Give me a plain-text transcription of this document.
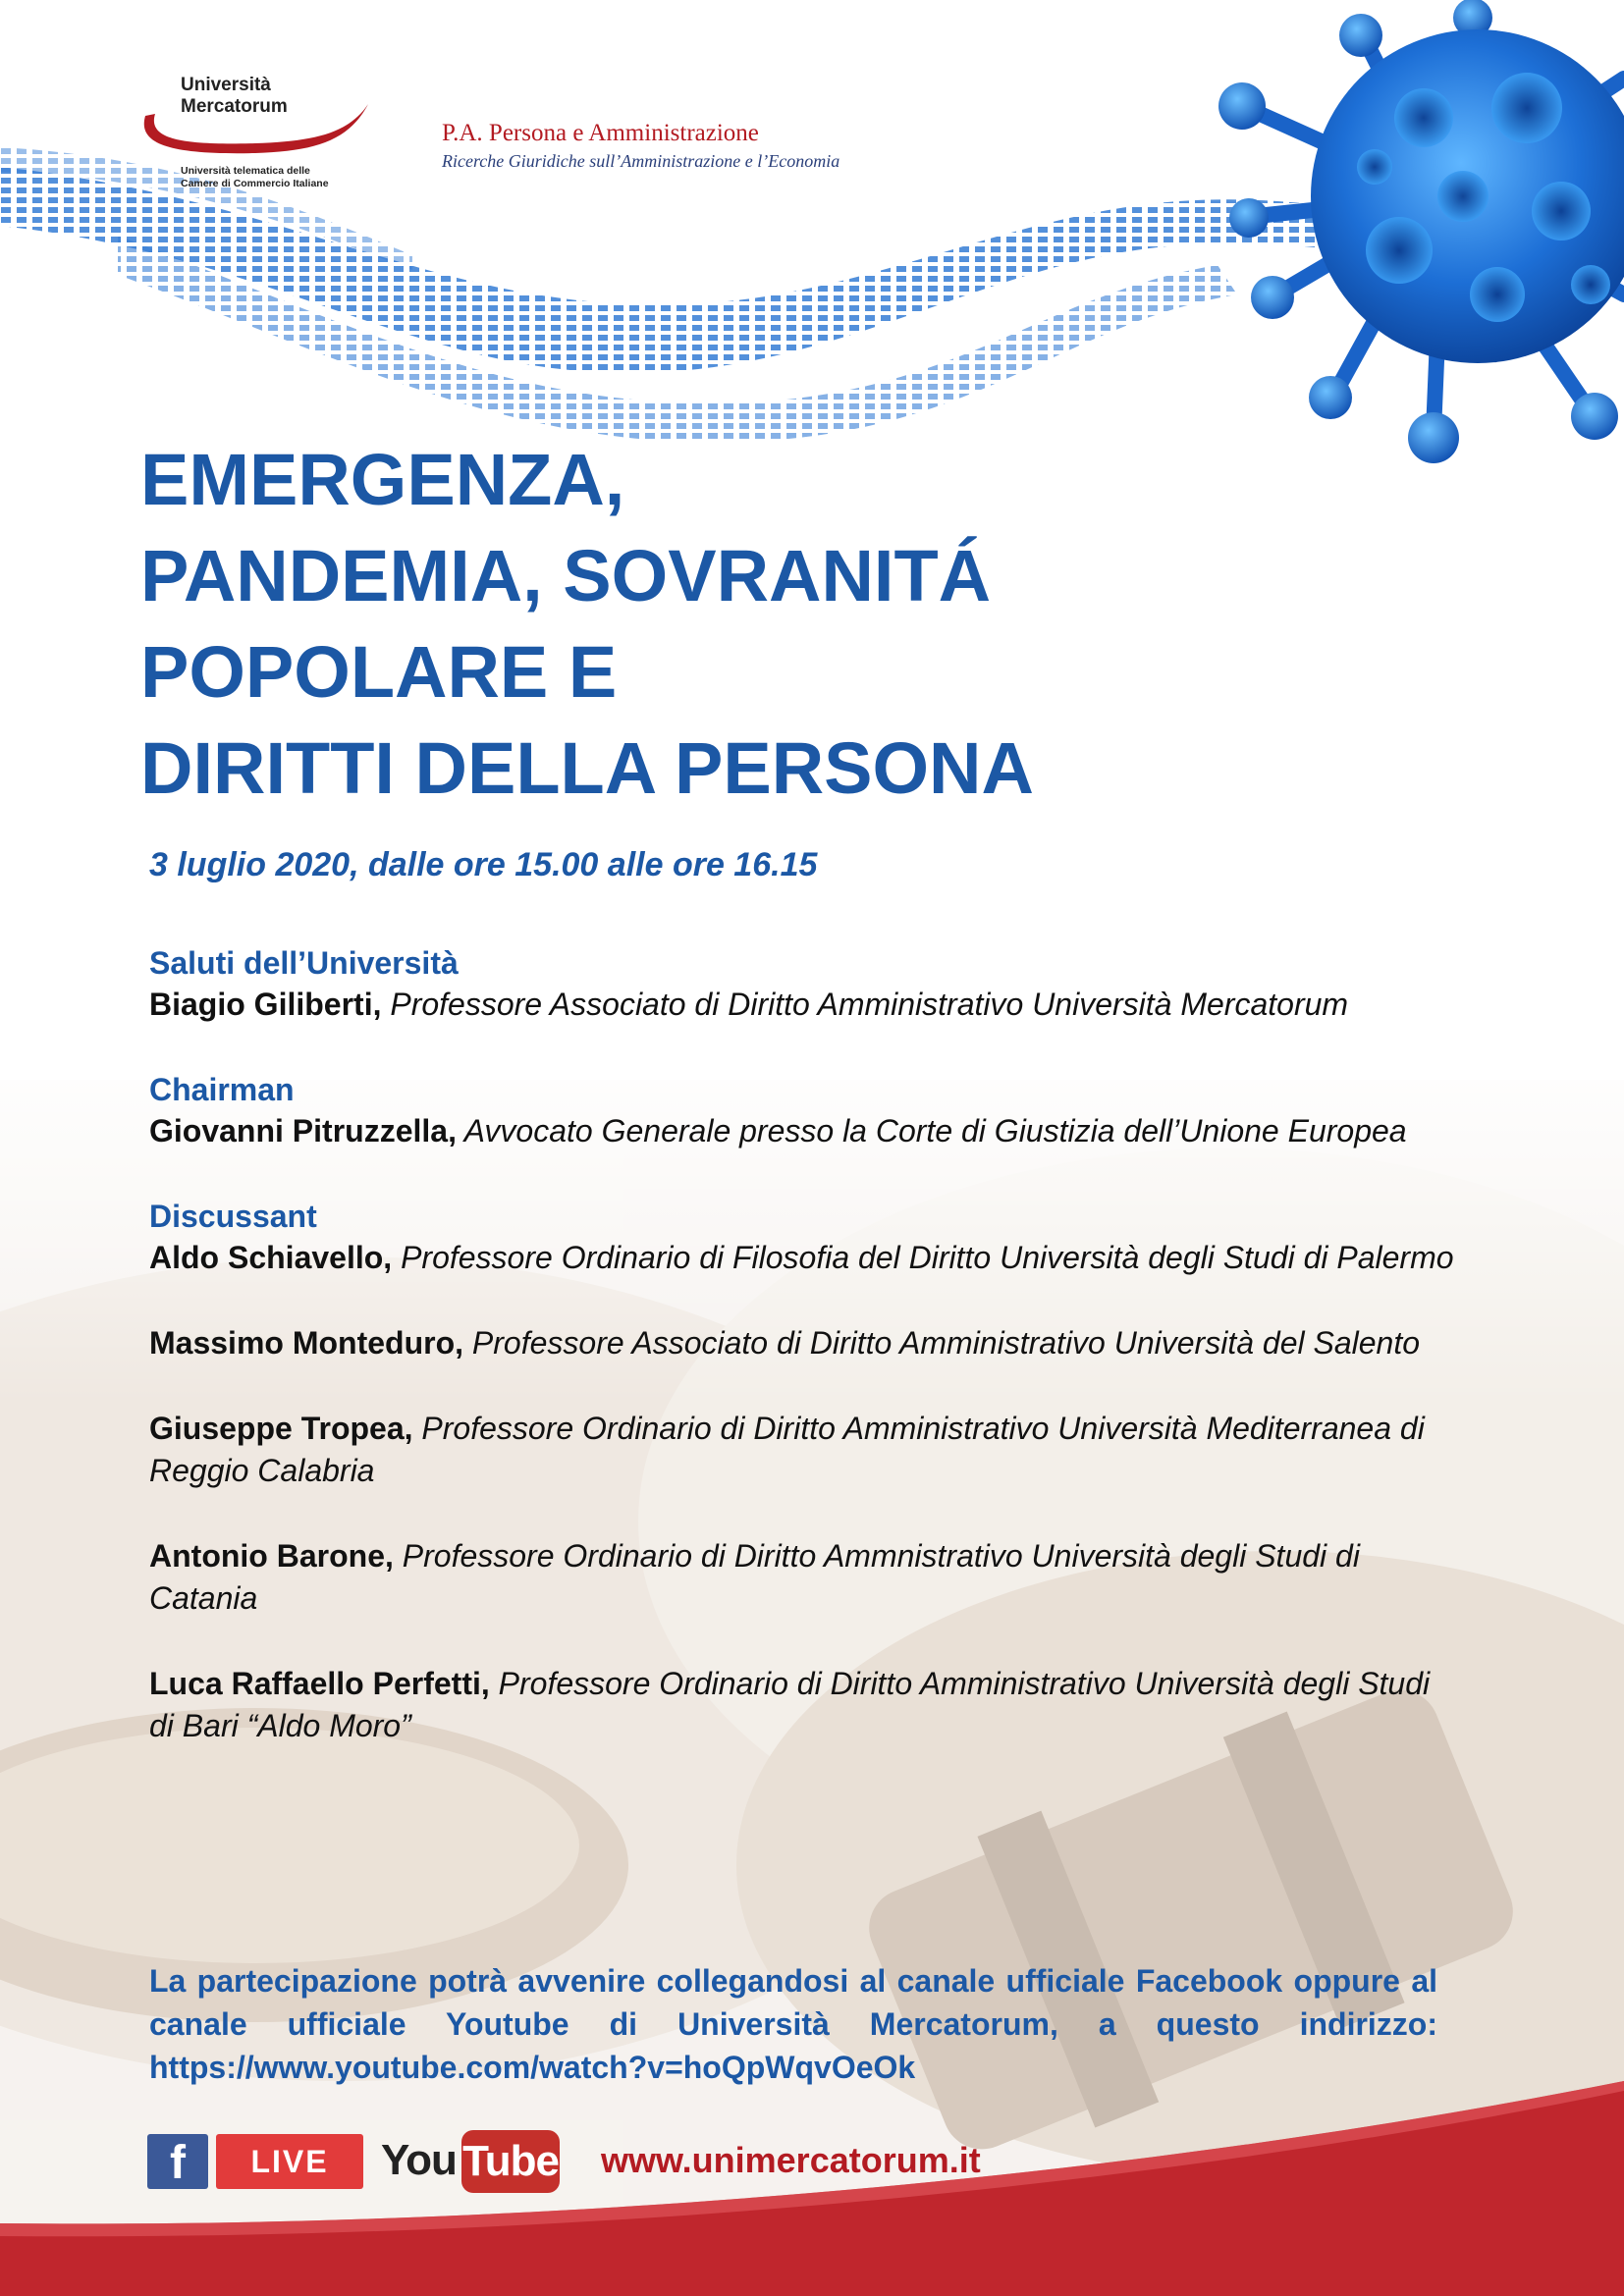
Università
Mercatorum
Università telematica delle
Camere di Commercio Italiane
P.A. Persona e Amministrazione
Ricerche Giuridiche sull’Amministrazione e l’Economia
EMERGENZA,
PANDEMIA, SOVRANITÁ
POPOLARE E
DIRITTI DELLA PERSONA
3 luglio 2020, dalle ore 15.00 alle ore 16.15
Saluti dell’Università

Biagio Giliberti, Professore Associato di Diritto Amministrativo Università Mercatorum

Chairman

Giovanni Pitruzzella, Avvocato Generale presso la Corte di Giustizia dell’Unione Europea

Discussant

Aldo Schiavello, Professore Ordinario di Filosofia del Diritto Università degli Studi di Palermo

Massimo Monteduro, Professore Associato di Diritto Amministrativo Università del Salento

Giuseppe Tropea, Professore Ordinario di Diritto Amministrativo Università Mediterranea di Reggio Calabria

Antonio Barone, Professore Ordinario di Diritto Ammnistrativo Università degli Studi di Catania

Luca Raffaello Perfetti, Professore Ordinario di Diritto Amministrativo Università degli Studi di Bari “Aldo Moro”

La partecipazione potrà avvenire collegandosi al canale ufficiale Facebook oppure al canale ufficiale Youtube di Università Mercatorum, a questo indirizzo: https://www.youtube.com/watch?v=hoQpWqvOeOk

f	LIVE	You Tube www.unimercatorum.it
